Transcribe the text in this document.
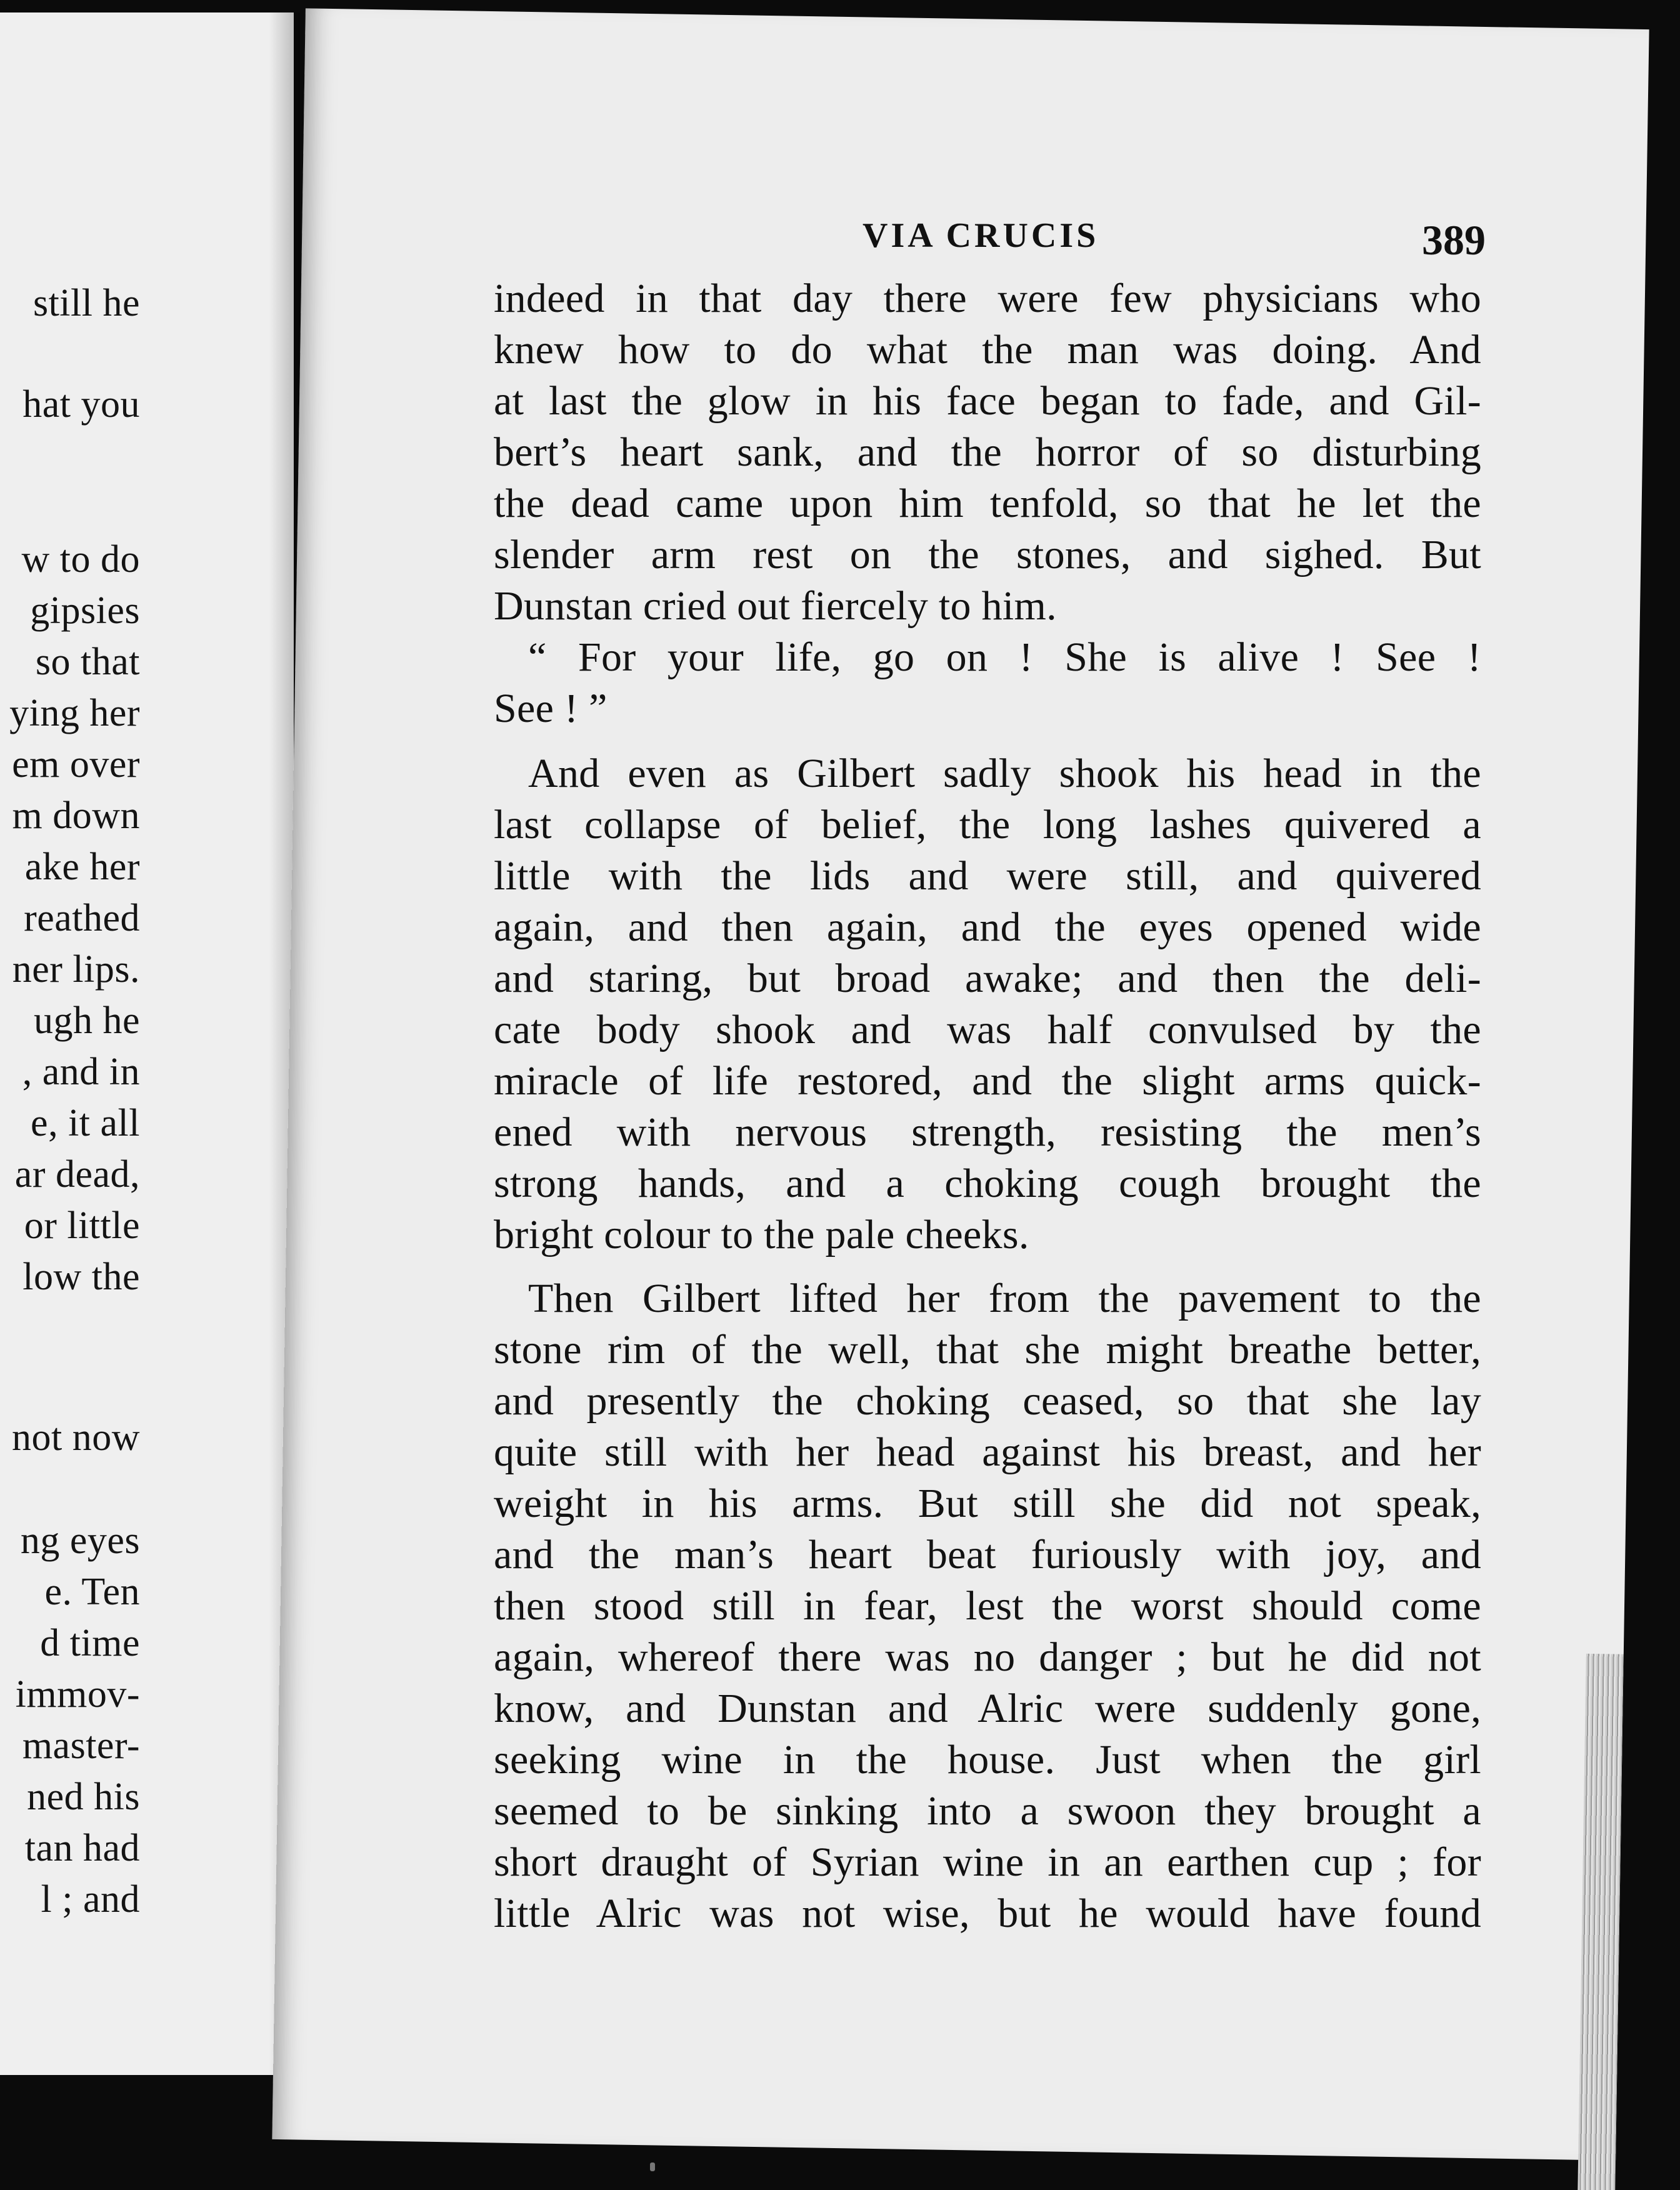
still he
hat you
w to do
gipsies
so that
ying her
em over
m down
ake her
reathed
ner lips.
ugh he
, and in
e, it all
ar dead,
or little
low the
not now
ng eyes
e. Ten
d time
immov-
master-
ned his
tan had
l ; and
VIA CRUCIS	389
indeed in that day there were few physicians who
knew how to do what the man was doing. And
at last the glow in his face began to fade, and Gil-
bert’s heart sank, and the horror of so disturbing
the dead came upon him tenfold, so that he let the
slender arm rest on the stones, and sighed. But
Dunstan cried out fiercely to him.
“ For your life, go on ! She is alive ! See !
See ! ”
And even as Gilbert sadly shook his head in the
last collapse of belief, the long lashes quivered a
little with the lids and were still, and quivered
again, and then again, and the eyes opened wide
and staring, but broad awake; and then the deli-
cate body shook and was half convulsed by the
miracle of life restored, and the slight arms quick-
ened with nervous strength, resisting the men’s
strong hands, and a choking cough brought the
bright colour to the pale cheeks.
Then Gilbert lifted her from the pavement to the
stone rim of the well, that she might breathe better,
and presently the choking ceased, so that she lay
quite still with her head against his breast, and her
weight in his arms. But still she did not speak,
and the man’s heart beat furiously with joy, and
then stood still in fear, lest the worst should come
again, whereof there was no danger ; but he did not
know, and Dunstan and Alric were suddenly gone,
seeking wine in the house. Just when the girl
seemed to be sinking into a swoon they brought a
short draught of Syrian wine in an earthen cup ; for
little Alric was not wise, but he would have found
